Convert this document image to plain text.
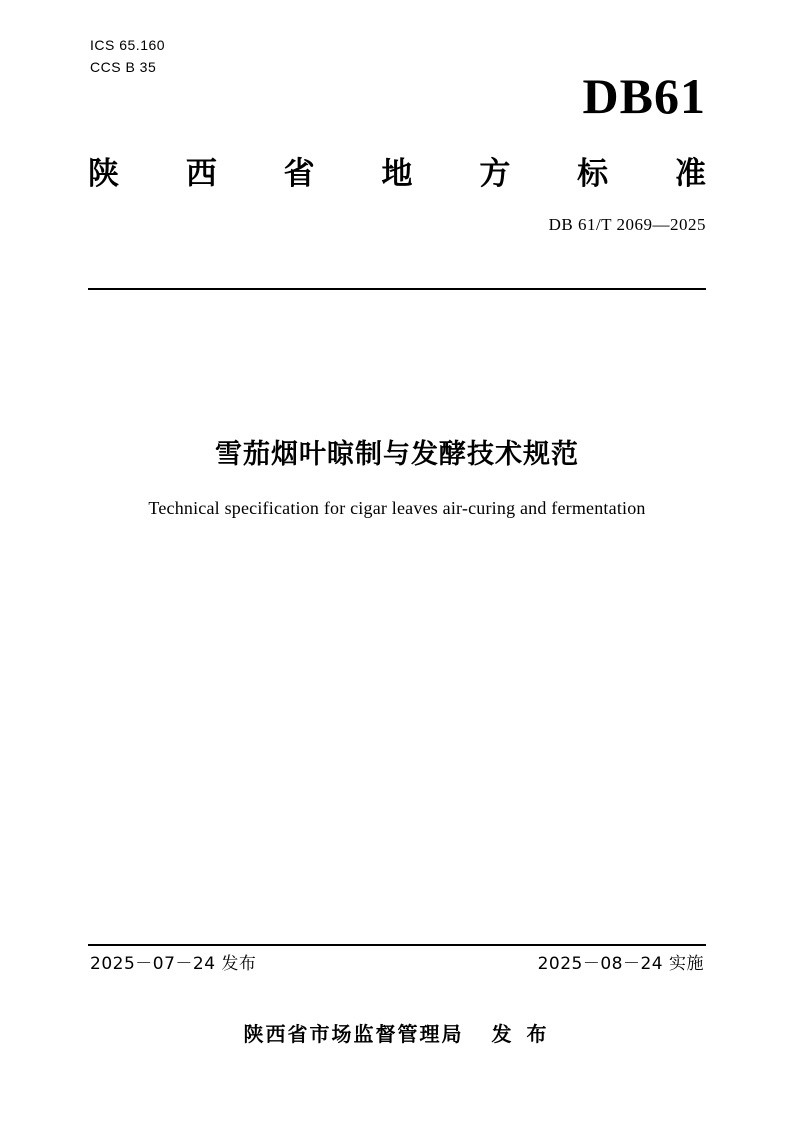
ICS 65.160
CCS B 35
DB61
陕 西 省 地 方 标 准
DB 61/T 2069—2025
雪茄烟叶晾制与发酵技术规范
Technical specification for cigar leaves air-curing and fermentation
2025－07－24 发布	2025－08－24 实施
陕西省市场监督管理局 发 布
